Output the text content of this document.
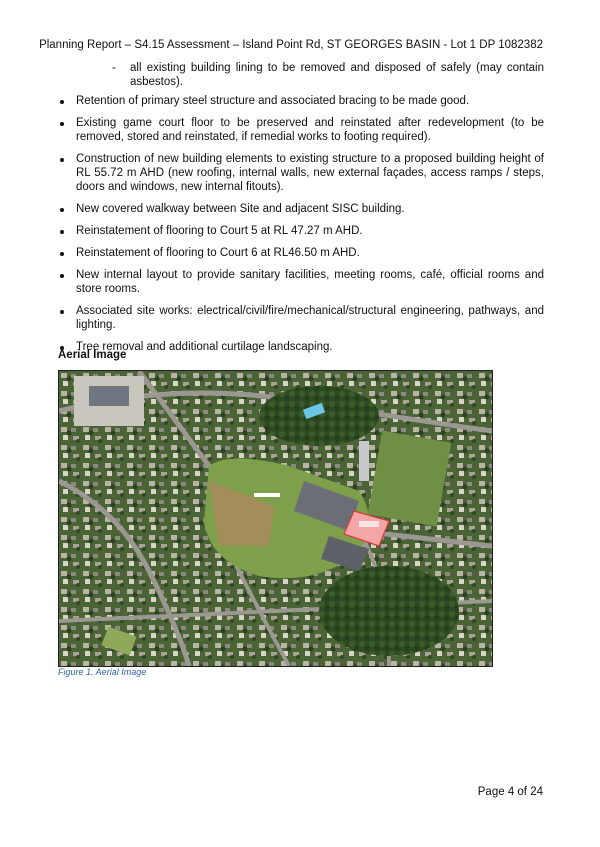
Planning Report – S4.15 Assessment – Island Point Rd, ST GEORGES BASIN - Lot 1 DP 1082382
- all existing building lining to be removed and disposed of safely (may contain asbestos).
Retention of primary steel structure and associated bracing to be made good.
Existing game court floor to be preserved and reinstated after redevelopment (to be removed, stored and reinstated, if remedial works to footing required).
Construction of new building elements to existing structure to a proposed building height of RL 55.72 m AHD (new roofing, internal walls, new external façades, access ramps / steps, doors and windows, new internal fitouts).
New covered walkway between Site and adjacent SISC building.
Reinstatement of flooring to Court 5 at RL 47.27 m AHD.
Reinstatement of flooring to Court 6 at RL46.50 m AHD.
New internal layout to provide sanitary facilities, meeting rooms, café, official rooms and store rooms.
Associated site works: electrical/civil/fire/mechanical/structural engineering, pathways, and lighting.
Tree removal and additional curtilage landscaping.
Aerial Image
Figure 1. Aerial Image
Page 4 of 24
